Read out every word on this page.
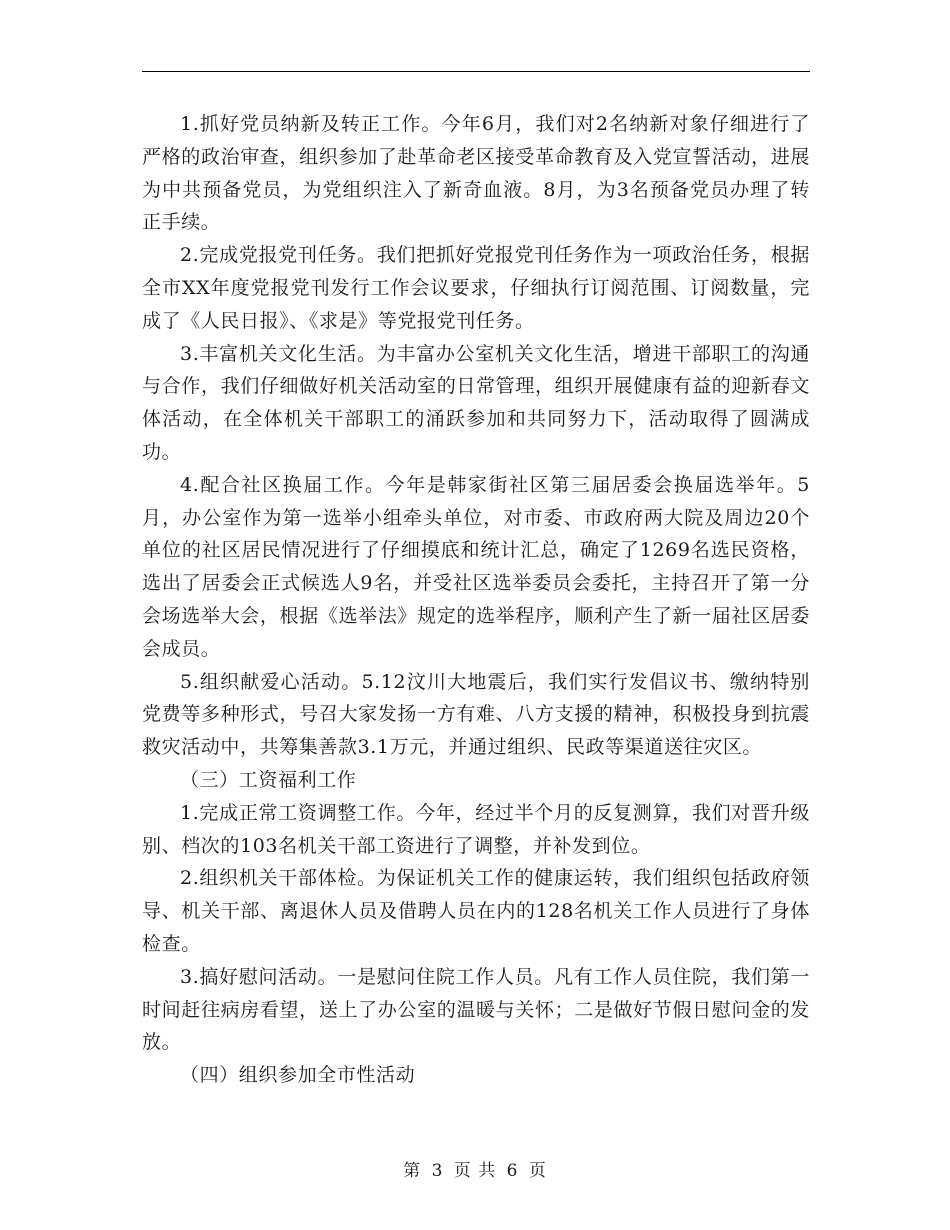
1.抓好党员纳新及转正工作。今年6月，我们对2名纳新对象仔细进行了严格的政治审查，组织参加了赴革命老区接受革命教育及入党宣誓活动，进展为中共预备党员，为党组织注入了新奇血液。8月，为3名预备党员办理了转正手续。

2.完成党报党刊任务。我们把抓好党报党刊任务作为一项政治任务，根据全市XX年度党报党刊发行工作会议要求，仔细执行订阅范围、订阅数量，完成了《人民日报》、《求是》等党报党刊任务。

3.丰富机关文化生活。为丰富办公室机关文化生活，增进干部职工的沟通与合作，我们仔细做好机关活动室的日常管理，组织开展健康有益的迎新春文体活动，在全体机关干部职工的涌跃参加和共同努力下，活动取得了圆满成功。

4.配合社区换届工作。今年是韩家街社区第三届居委会换届选举年。5月，办公室作为第一选举小组牵头单位，对市委、市政府两大院及周边20个单位的社区居民情况进行了仔细摸底和统计汇总，确定了1269名选民资格，选出了居委会正式候选人9名，并受社区选举委员会委托，主持召开了第一分会场选举大会，根据《选举法》规定的选举程序，顺利产生了新一届社区居委会成员。

5.组织献爱心活动。5.12汶川大地震后，我们实行发倡议书、缴纳特别党费等多种形式，号召大家发扬一方有难、八方支援的精神，积极投身到抗震救灾活动中，共筹集善款3.1万元，并通过组织、民政等渠道送往灾区。

（三）工资福利工作

1.完成正常工资调整工作。今年，经过半个月的反复测算，我们对晋升级别、档次的103名机关干部工资进行了调整，并补发到位。

2.组织机关干部体检。为保证机关工作的健康运转，我们组织包括政府领导、机关干部、离退休人员及借聘人员在内的128名机关工作人员进行了身体检查。

3.搞好慰问活动。一是慰问住院工作人员。凡有工作人员住院，我们第一时间赶往病房看望，送上了办公室的温暖与关怀；二是做好节假日慰问金的发放。

（四）组织参加全市性活动

第 3 页 共 6 页
